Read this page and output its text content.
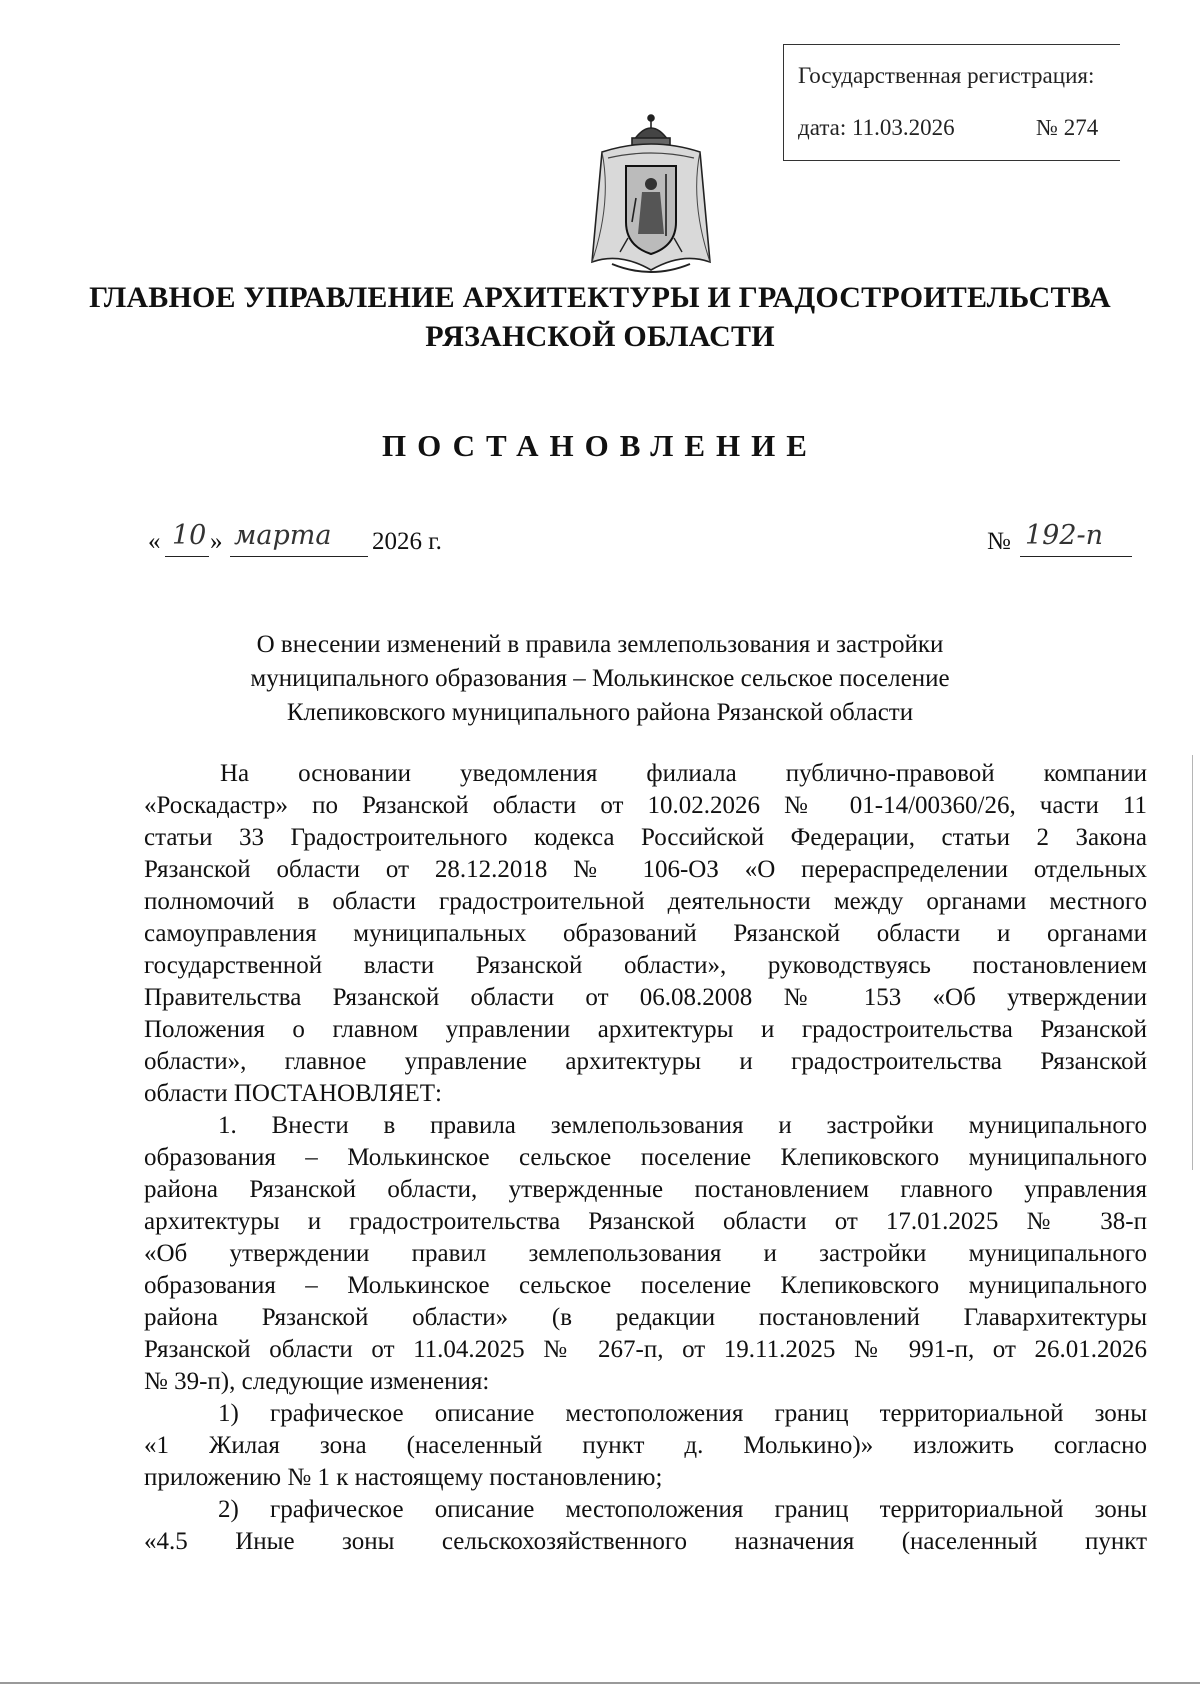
Государственная регистрация:
дата: 11.03.2026	№ 274
ГЛАВНОЕ УПРАВЛЕНИЕ АРХИТЕКТУРЫ И ГРАДОСТРОИТЕЛЬСТВА
РЯЗАНСКОЙ ОБЛАСТИ
ПОСТАНОВЛЕНИЕ
« 10 » марта 2026 г.	№ 192-п
О внесении изменений в правила землепользования и застройки
муниципального образования – Молькинское сельское поселение
Клепиковского муниципального района Рязанской области
На основании уведомления филиала публично-правовой компании
«Роскадастр» по Рязанской области от 10.02.2026 № 01-14/00360/26, части 11
статьи 33 Градостроительного кодекса Российской Федерации, статьи 2 Закона
Рязанской области от 28.12.2018 № 106-ОЗ «О перераспределении отдельных
полномочий в области градостроительной деятельности между органами местного
самоуправления муниципальных образований Рязанской области и органами
государственной власти Рязанской области», руководствуясь постановлением
Правительства Рязанской области от 06.08.2008 № 153 «Об утверждении
Положения о главном управлении архитектуры и градостроительства Рязанской
области», главное управление архитектуры и градостроительства Рязанской
области ПОСТАНОВЛЯЕТ:
1. Внести в правила землепользования и застройки муниципального
образования – Молькинское сельское поселение Клепиковского муниципального
района Рязанской области, утвержденные постановлением главного управления
архитектуры и градостроительства Рязанской области от 17.01.2025 № 38-п
«Об утверждении правил землепользования и застройки муниципального
образования – Молькинское сельское поселение Клепиковского муниципального
района Рязанской области» (в редакции постановлений Главархитектуры
Рязанской области от 11.04.2025 № 267-п, от 19.11.2025 № 991-п, от 26.01.2026
№ 39-п), следующие изменения:
1) графическое описание местоположения границ территориальной зоны
«1 Жилая зона (населенный пункт д. Молькино)» изложить согласно
приложению № 1 к настоящему постановлению;
2) графическое описание местоположения границ территориальной зоны
«4.5 Иные зоны сельскохозяйственного назначения (населенный пункт
